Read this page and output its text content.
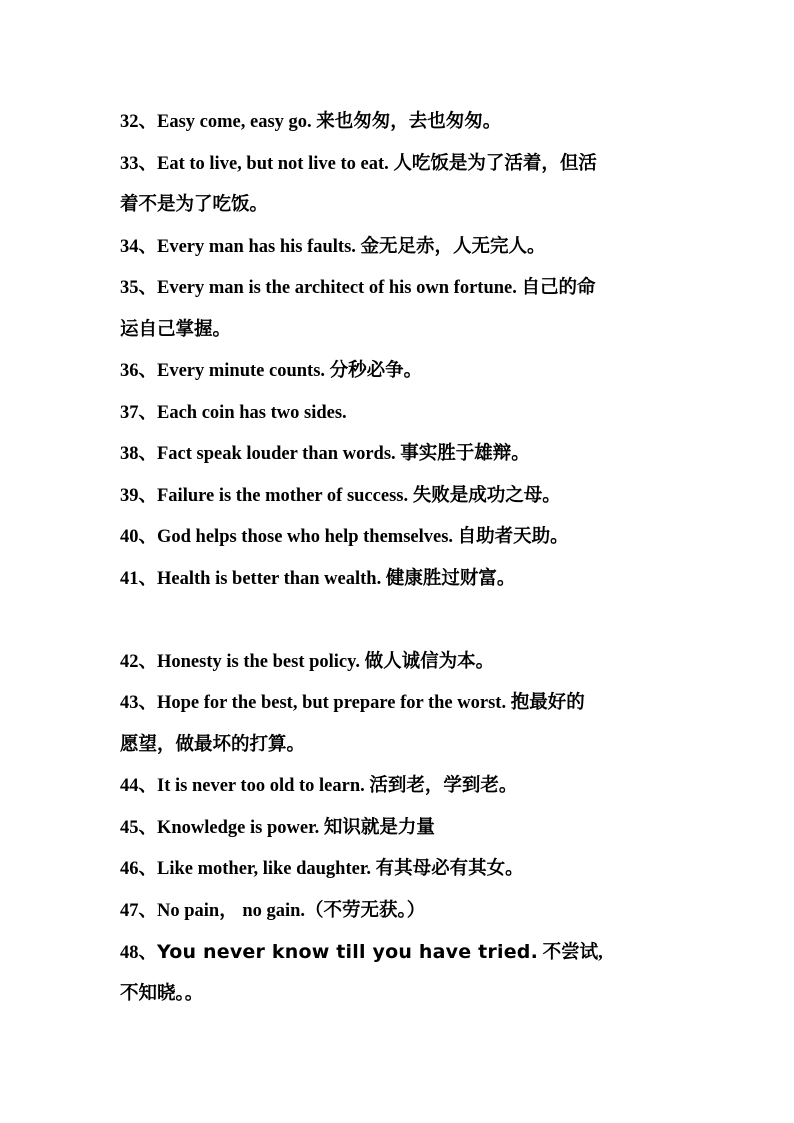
32、Easy come, easy go. 来也匆匆，去也匆匆。
33、Eat to live, but not live to eat. 人吃饭是为了活着，但活
着不是为了吃饭。
34、Every man has his faults. 金无足赤，人无完人。
35、Every man is the architect of his own fortune. 自己的命
运自己掌握。
36、Every minute counts. 分秒必争。
37、Each coin has two sides.
38、Fact speak louder than words. 事实胜于雄辩。
39、Failure is the mother of success. 失败是成功之母。
40、God helps those who help themselves. 自助者天助。
41、Health is better than wealth. 健康胜过财富。
42、Honesty is the best policy. 做人诚信为本。
43、Hope for the best, but prepare for the worst. 抱最好的
愿望，做最坏的打算。
44、It is never too old to learn. 活到老，学到老。
45、Knowledge is power. 知识就是力量
46、Like mother, like daughter. 有其母必有其女。
47、No pain， no gain.（不劳无获。）
48、You never know till you have tried. 不尝试,
不知晓。。
